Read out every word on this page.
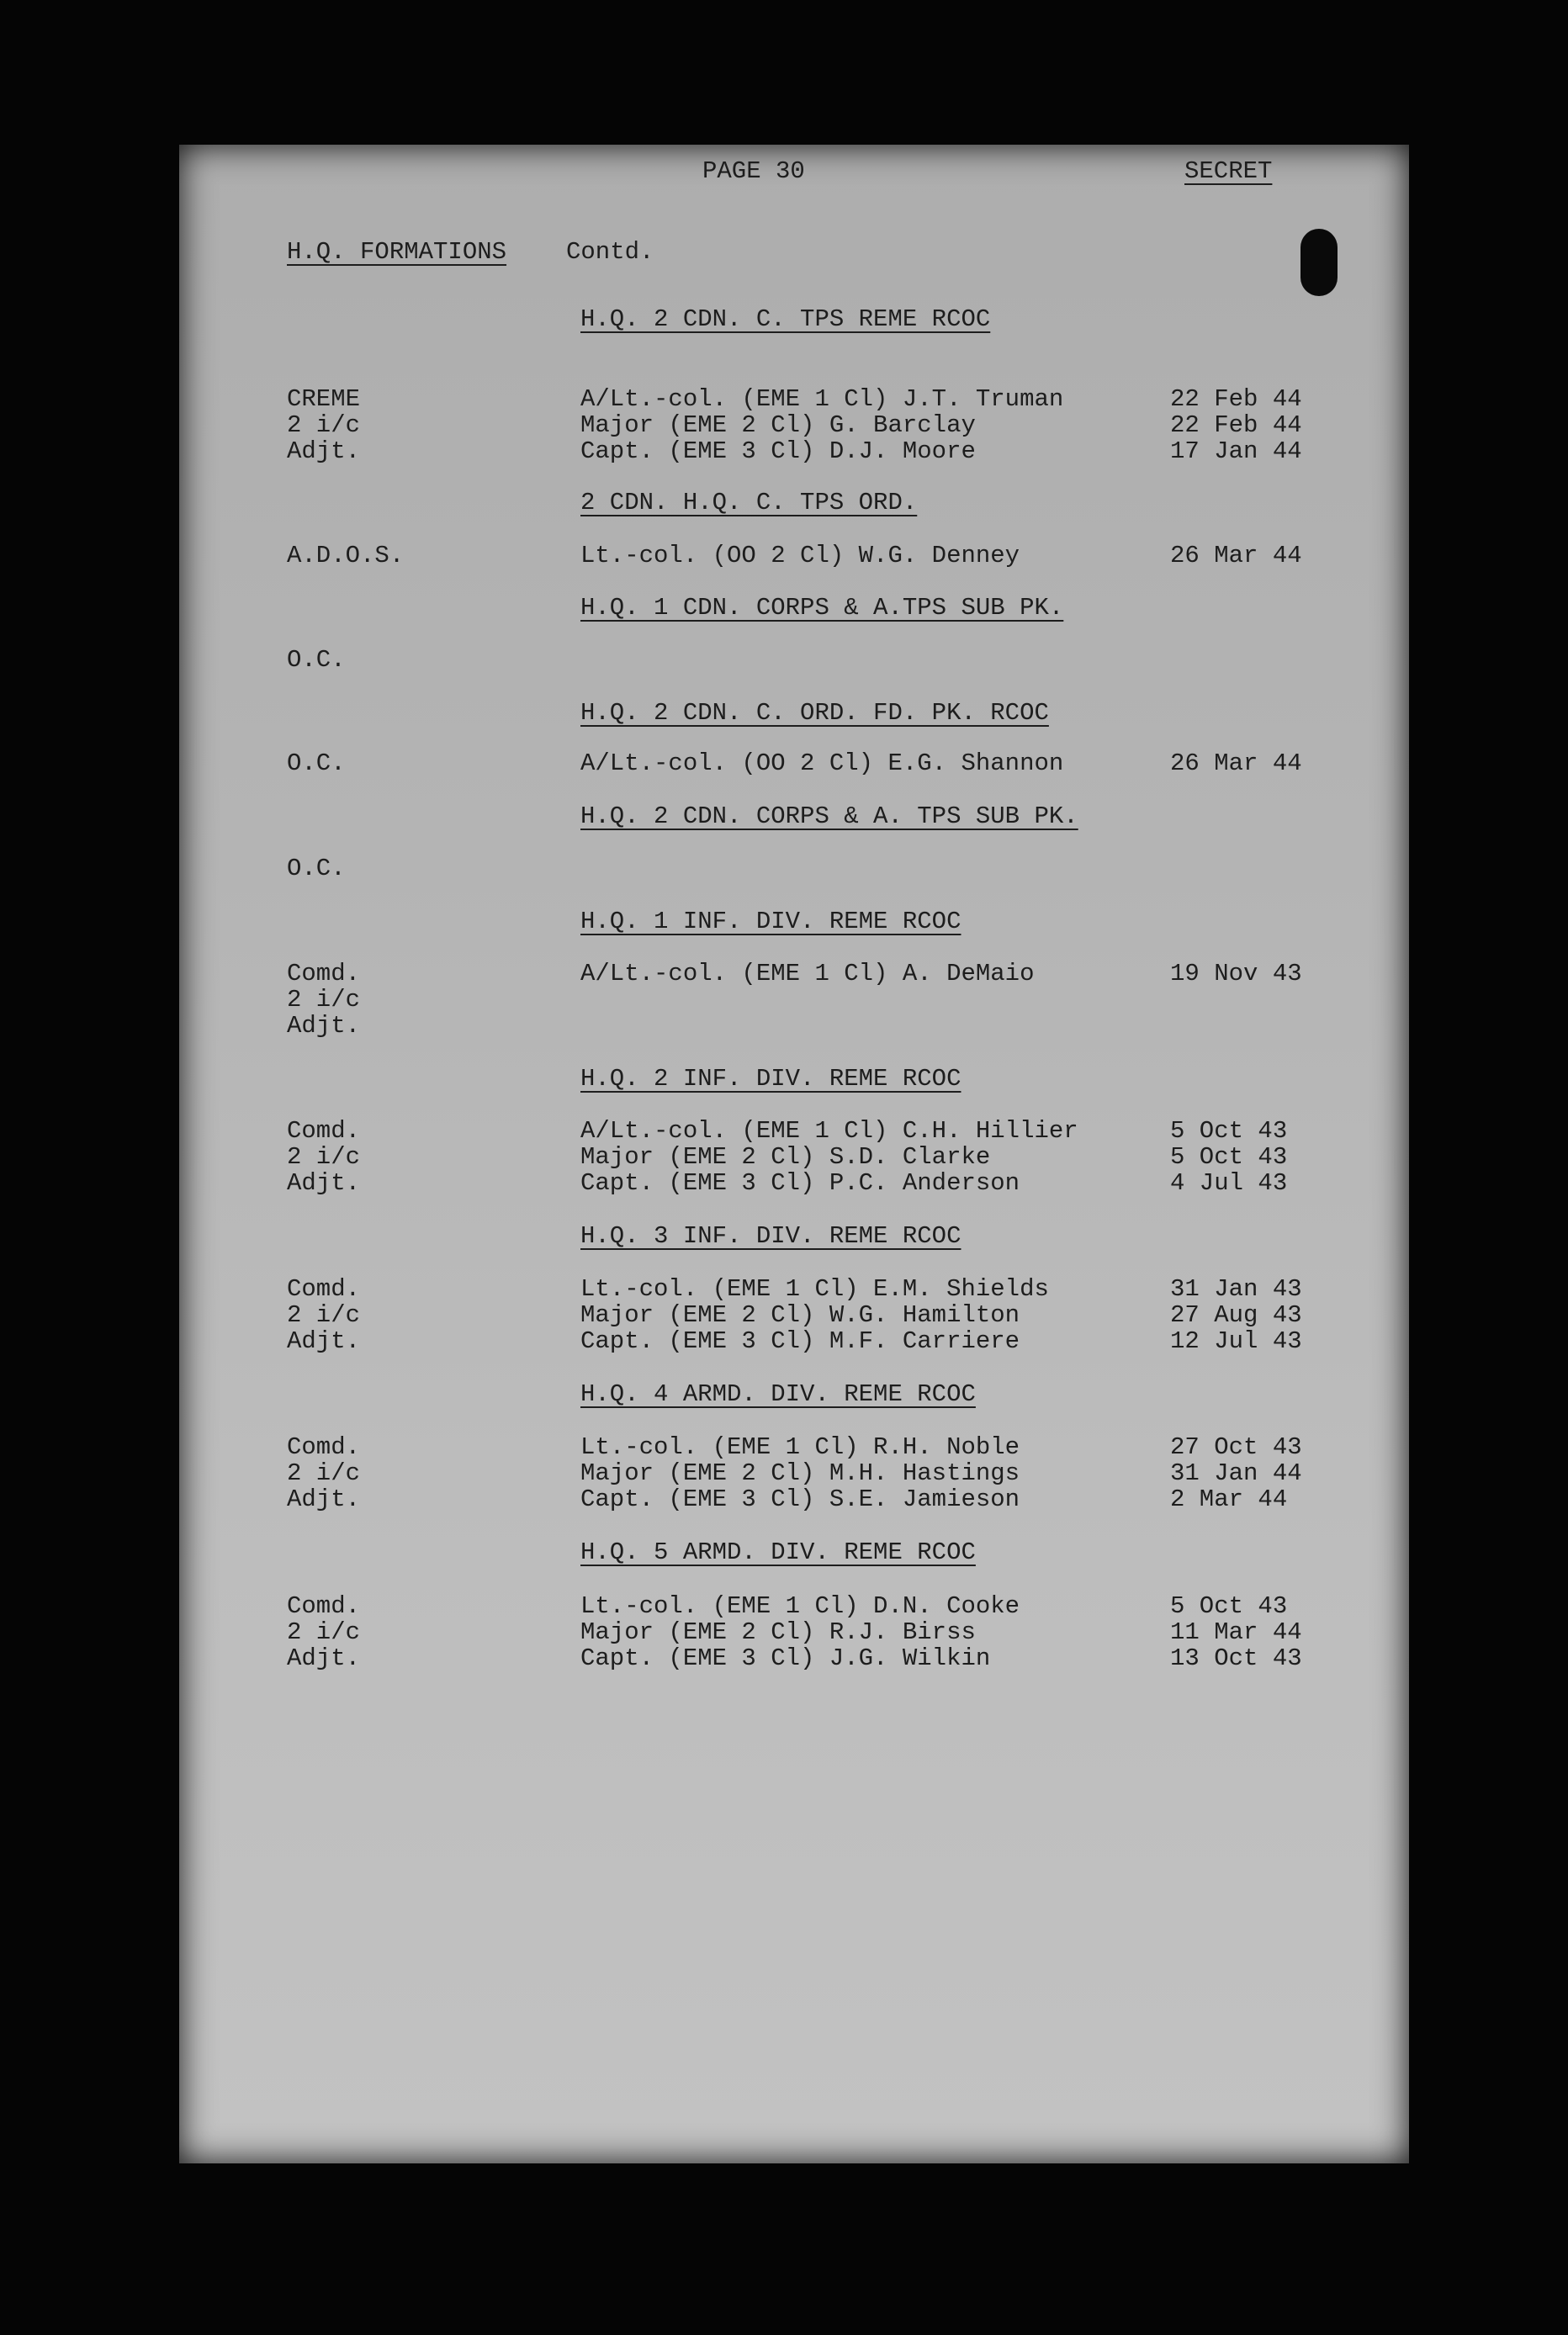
PAGE 30	SECRET
H.Q. FORMATIONS Contd.
H.Q. 2 CDN. C. TPS REME RCOC
CREME	A/Lt.-col. (EME 1 Cl) J.T. Truman	22 Feb 44
2 i/c	Major (EME 2 Cl) G. Barclay	22 Feb 44
Adjt.	Capt. (EME 3 Cl) D.J. Moore	17 Jan 44
2 CDN. H.Q. C. TPS ORD.
A.D.O.S.	Lt.-col. (OO 2 Cl) W.G. Denney	26 Mar 44
H.Q. 1 CDN. CORPS & A.TPS SUB PK.
O.C.
H.Q. 2 CDN. C. ORD. FD. PK. RCOC
O.C.	A/Lt.-col. (OO 2 Cl) E.G. Shannon	26 Mar 44
H.Q. 2 CDN. CORPS & A. TPS SUB PK.
O.C.
H.Q. 1 INF. DIV. REME RCOC
Comd.	A/Lt.-col. (EME 1 Cl) A. DeMaio	19 Nov 43
2 i/c
Adjt.
H.Q. 2 INF. DIV. REME RCOC
Comd.	A/Lt.-col. (EME 1 Cl) C.H. Hillier	5 Oct 43
2 i/c	Major (EME 2 Cl) S.D. Clarke	5 Oct 43
Adjt.	Capt. (EME 3 Cl) P.C. Anderson	4 Jul 43
H.Q. 3 INF. DIV. REME RCOC
Comd.	Lt.-col. (EME 1 Cl) E.M. Shields	31 Jan 43
2 i/c	Major (EME 2 Cl) W.G. Hamilton	27 Aug 43
Adjt.	Capt. (EME 3 Cl) M.F. Carriere	12 Jul 43
H.Q. 4 ARMD. DIV. REME RCOC
Comd.	Lt.-col. (EME 1 Cl) R.H. Noble	27 Oct 43
2 i/c	Major (EME 2 Cl) M.H. Hastings	31 Jan 44
Adjt.	Capt. (EME 3 Cl) S.E. Jamieson	2 Mar 44
H.Q. 5 ARMD. DIV. REME RCOC
Comd.	Lt.-col. (EME 1 Cl) D.N. Cooke	5 Oct 43
2 i/c	Major (EME 2 Cl) R.J. Birss	11 Mar 44
Adjt.	Capt. (EME 3 Cl) J.G. Wilkin	13 Oct 43
